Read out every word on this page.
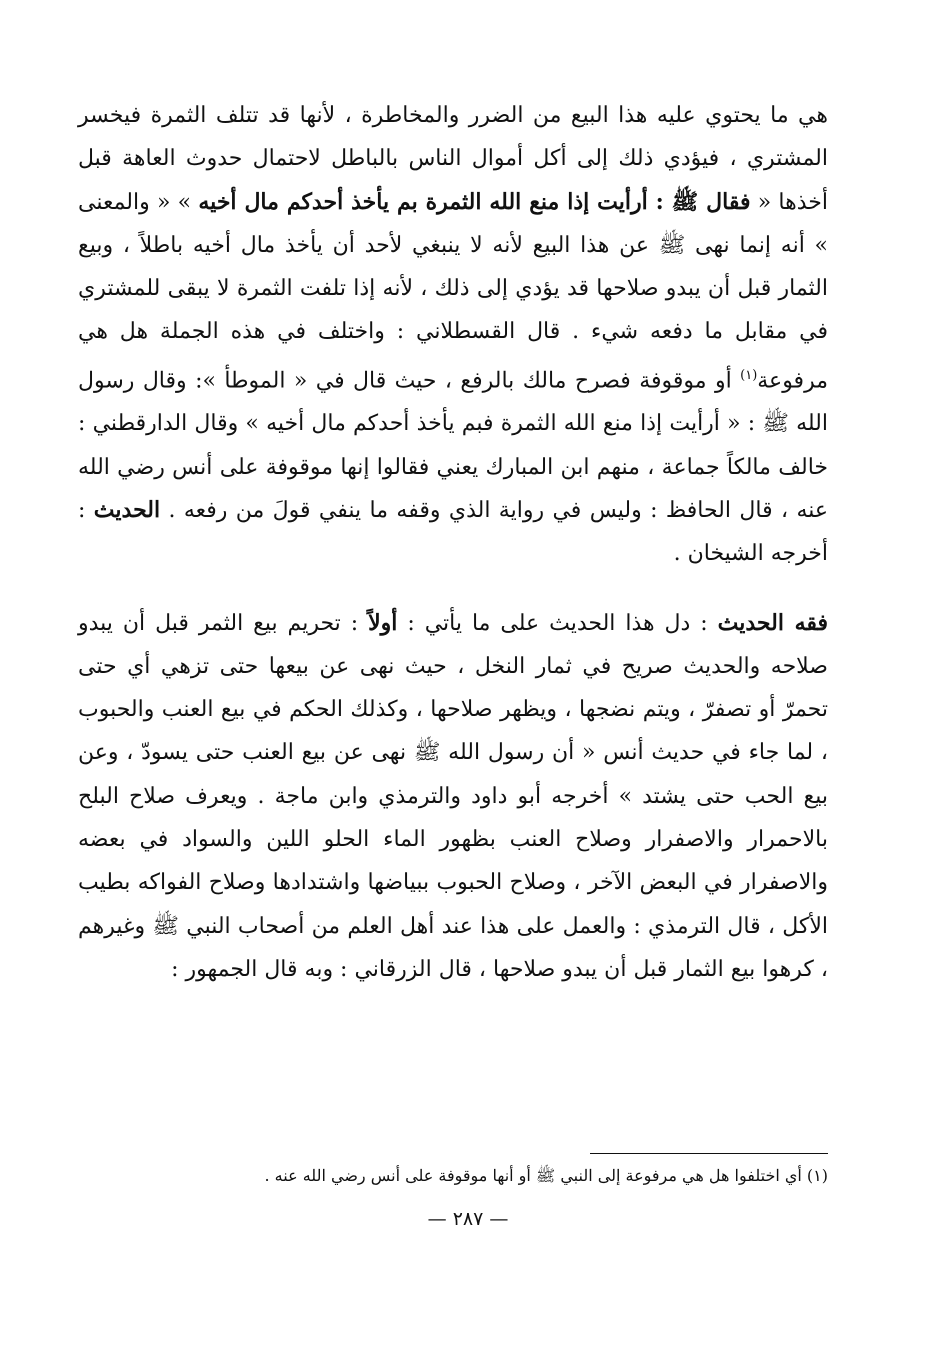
هي ما يحتوي عليه هذا البيع من الضرر والمخاطرة ، لأنها قد تتلف الثمرة فيخسر المشتري ، فيؤدي ذلك إلى أكل أموال الناس بالباطل لاحتمال حدوث العاهة قبل أخذها « فقال ﷺ : أرأيت إذا منع الله الثمرة بم يأخذ أحدكم مال أخيه » « والمعنى » أنه إنما نهى ﷺ عن هذا البيع لأنه لا ينبغي لأحد أن يأخذ مال أخيه باطلاً ، وبيع الثمار قبل أن يبدو صلاحها قد يؤدي إلى ذلك ، لأنه إذا تلفت الثمرة لا يبقى للمشتري في مقابل ما دفعه شيء . قال القسطلاني : واختلف في هذه الجملة هل هي مرفوعة$^{(١)}$ أو موقوفة فصرح مالك بالرفع ، حيث قال في « الموطأ »: وقال رسول الله ﷺ : « أرأيت إذا منع الله الثمرة فبم يأخذ أحدكم مال أخيه » وقال الدارقطني : خالف مالكاً جماعة ، منهم ابن المبارك يعني فقالوا إنها موقوفة على أنس رضي الله عنه ، قال الحافظ : وليس في رواية الذي وقفه ما ينفي قولَ من رفعه . الحديث : أخرجه الشيخان .

فقه الحديث : دل هذا الحديث على ما يأتي : أولاً : تحريم بيع الثمر قبل أن يبدو صلاحه والحديث صريح في ثمار النخل ، حيث نهى عن بيعها حتى تزهي أي حتى تحمرّ أو تصفرّ ، ويتم نضجها ، ويظهر صلاحها ، وكذلك الحكم في بيع العنب والحبوب ، لما جاء في حديث أنس « أن رسول الله ﷺ نهى عن بيع العنب حتى يسودّ ، وعن بيع الحب حتى يشتد » أخرجه أبو داود والترمذي وابن ماجة . ويعرف صلاح البلح بالاحمرار والاصفرار وصلاح العنب بظهور الماء الحلو اللين والسواد في بعضه والاصفرار في البعض الآخر ، وصلاح الحبوب ببياضها واشتدادها وصلاح الفواكه بطيب الأكل ، قال الترمذي : والعمل على هذا عند أهل العلم من أصحاب النبي ﷺ وغيرهم ، كرهوا بيع الثمار قبل أن يبدو صلاحها ، قال الزرقاني : وبه قال الجمهور :

(١) أي اختلفوا هل هي مرفوعة إلى النبي ﷺ أو أنها موقوفة على أنس رضي الله عنه .
— ٢٨٧ —
